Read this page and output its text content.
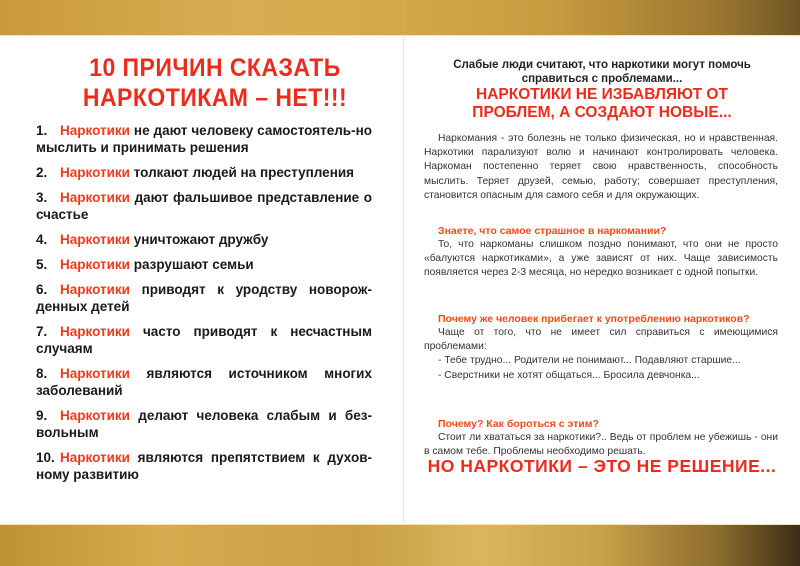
10 ПРИЧИН СКАЗАТЬ
НАРКОТИКАМ – НЕТ!!!
1. Наркотики не дают человеку самостоятель-но мыслить и принимать решения
2. Наркотики толкают людей на преступления
3. Наркотики дают фальшивое представление о счастье
4. Наркотики уничтожают дружбу
5. Наркотики разрушают семьи
6. Наркотики приводят к уродству новорож-денных детей
7. Наркотики часто приводят к несчастным случаям
8. Наркотики являются источником многих заболеваний
9. Наркотики делают человека слабым и без-вольным
10. Наркотики являются препятствием к духов-ному развитию
Слабые люди считают, что наркотики могут помочь справиться с проблемами...
НАРКОТИКИ НЕ ИЗБАВЛЯЮТ ОТ
ПРОБЛЕМ, А СОЗДАЮТ НОВЫЕ...
Наркомания - это болезнь не только физическая, но и нравственная. Наркотики парализуют волю и начинают контролировать человека. Наркоман постепенно теряет свою нравственность, способность мыслить. Теряет друзей, семью, работу; совершает преступления, становится опасным для самого себя и для окружающих.
Знаете, что самое страшное в наркомании?
То, что наркоманы слишком поздно понимают, что они не просто «балуются наркотиками», а уже зависят от них. Чаще зависимость появляется через 2-3 месяца, но нередко возникает с одной попытки.
Почему же человек прибегает к употреблению наркотиков?
Чаще от того, что не имеет сил справиться с имеющимися проблемами:
- Тебе трудно... Родители не понимают... Подавляют старшие...
- Сверстники не хотят общаться... Бросила девчонка...
Почему? Как бороться с этим?
Стоит ли хвататься за наркотики?.. Ведь от проблем не убежишь - они в самом тебе. Проблемы необходимо решать.
НО НАРКОТИКИ – ЭТО НЕ РЕШЕНИЕ...
